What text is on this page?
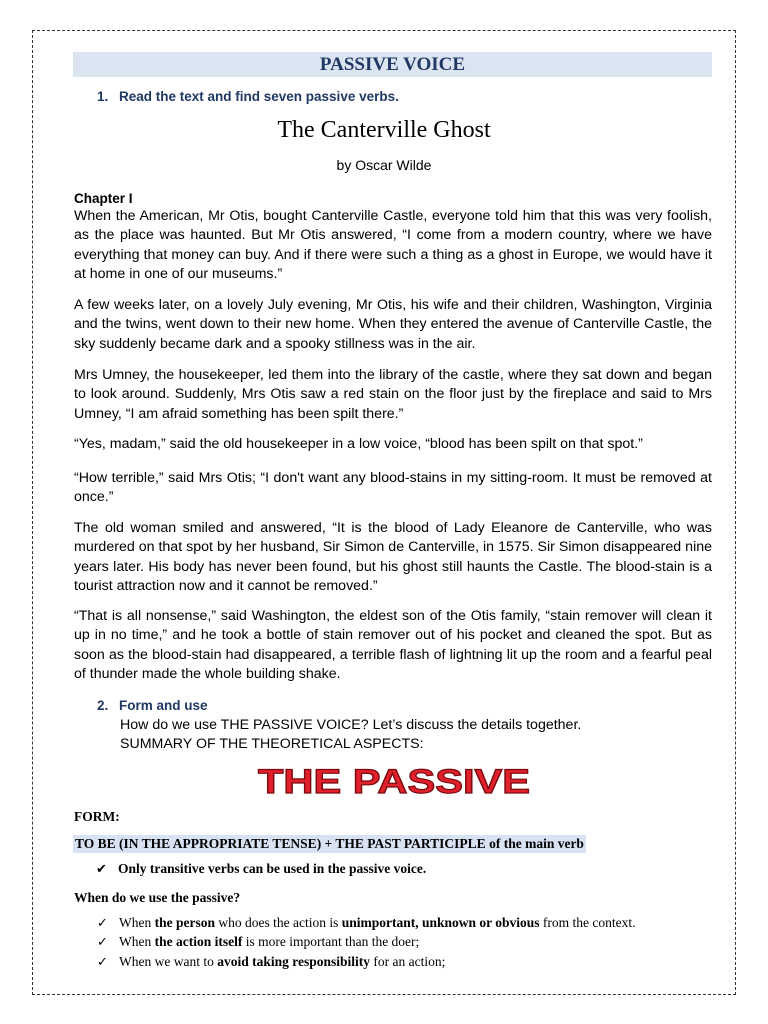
PASSIVE VOICE
1. Read the text and find seven passive verbs.
The Canterville Ghost
by Oscar Wilde
Chapter I
When the American, Mr Otis, bought Canterville Castle, everyone told him that this was very foolish, as the place was haunted. But Mr Otis answered, “I come from a modern country, where we have everything that money can buy. And if there were such a thing as a ghost in Europe, we would have it at home in one of our museums.”
A few weeks later, on a lovely July evening, Mr Otis, his wife and their children, Washington, Virginia and the twins, went down to their new home. When they entered the avenue of Canterville Castle, the sky suddenly became dark and a spooky stillness was in the air.
Mrs Umney, the housekeeper, led them into the library of the castle, where they sat down and began to look around. Suddenly, Mrs Otis saw a red stain on the floor just by the fireplace and said to Mrs Umney, “I am afraid something has been spilt there.”
“Yes, madam,” said the old housekeeper in a low voice, “blood has been spilt on that spot.”
“How terrible,” said Mrs Otis; “I don't want any blood-stains in my sitting-room. It must be removed at once.”
The old woman smiled and answered, “It is the blood of Lady Eleanore de Canterville, who was murdered on that spot by her husband, Sir Simon de Canterville, in 1575. Sir Simon disappeared nine years later. His body has never been found, but his ghost still haunts the Castle. The blood-stain is a tourist attraction now and it cannot be removed.”
“That is all nonsense,” said Washington, the eldest son of the Otis family, “stain remover will clean it up in no time,” and he took a bottle of stain remover out of his pocket and cleaned the spot. But as soon as the blood-stain had disappeared, a terrible flash of lightning lit up the room and a fearful peal of thunder made the whole building shake.
2. Form and use
How do we use THE PASSIVE VOICE? Let’s discuss the details together.
SUMMARY OF THE THEORETICAL ASPECTS:
THE PASSIVE
FORM:
TO BE (IN THE APPROPRIATE TENSE) + THE PAST PARTICIPLE of the main verb
✔ Only transitive verbs can be used in the passive voice.
When do we use the passive?
✓ When the person who does the action is unimportant, unknown or obvious from the context.
✓ When the action itself is more important than the doer;
✓ When we want to avoid taking responsibility for an action;
